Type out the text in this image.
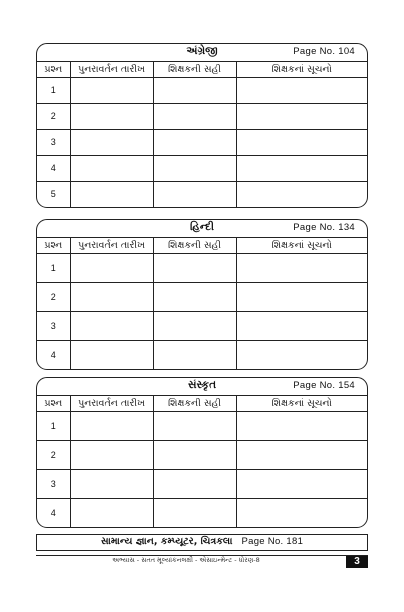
અંગ્રેજી	Page No. 104
પ્રશ્ન	પુનરાવર્તન તારીખ	શિક્ષકની સહી	શિક્ષકનાં સૂચનો
1			
2			
3			
4			
5			
હિન્દી	Page No. 134
પ્રશ્ન	પુનરાવર્તન તારીખ	શિક્ષકની સહી	શિક્ષકનાં સૂચનો
1			
2			
3			
4			
સંસ્કૃત	Page No. 154
પ્રશ્ન	પુનરાવર્તન તારીખ	શિક્ષકની સહી	શિક્ષકનાં સૂચનો
1			
2			
3			
4			
સામાન્ય જ્ઞાન, કમ્પ્યૂટર, ચિત્રકલા Page No. 181
અભ્યાસ - સતત મૂલ્યાંકનલક્ષી - એસાઇન્મેન્ટ - ધોરણ-8	3
